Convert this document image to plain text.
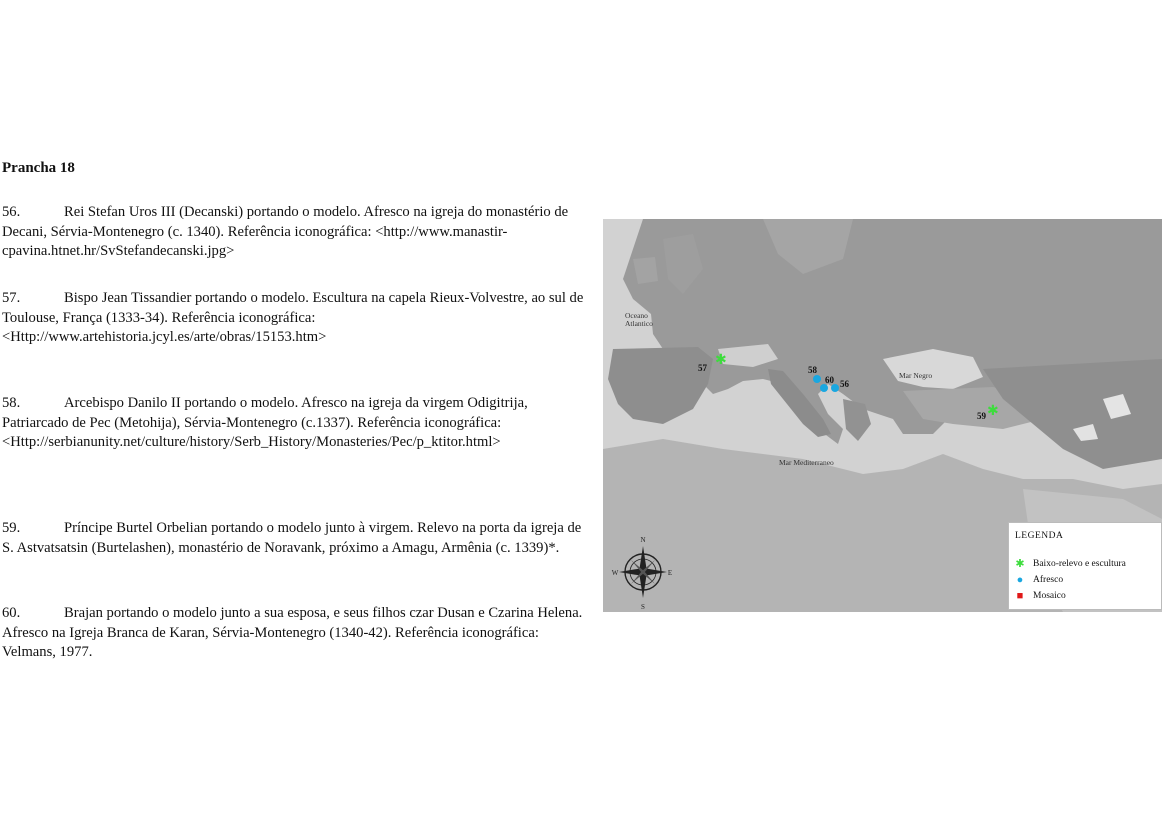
Prancha 18
56.	Rei Stefan Uros III (Decanski) portando o modelo. Afresco na igreja do monastério de Decani, Sérvia-Montenegro (c. 1340). Referência iconográfica: <http://www.manastir-cpavina.htnet.hr/SvStefandecanski.jpg>
57.	Bispo Jean Tissandier portando o modelo. Escultura na capela Rieux-Volvestre, ao sul de Toulouse, França (1333-34). Referência iconográfica: <Http://www.artehistoria.jcyl.es/arte/obras/15153.htm>
58.	Arcebispo Danilo II portando o modelo. Afresco na igreja da virgem Odigitrija, Patriarcado de Pec (Metohija), Sérvia-Montenegro (c.1337). Referência iconográfica: <Http://serbianunity.net/culture/history/Serb_History/Monasteries/Pec/p_ktitor.html>
59.	Príncipe Burtel Orbelian portando o modelo junto à virgem. Relevo na porta da igreja de S. Astvatsatsin (Burtelashen), monastério de Noravank, próximo a Amagu, Armênia (c. 1339)*.
60.	Brajan portando o modelo junto a sua esposa, e seus filhos czar Dusan e Czarina Helena. Afresco na Igreja Branca de Karan, Sérvia-Montenegro (1340-42). Referência iconográfica: Velmans, 1977.
✱
✱
Oceano
Atlantico
Mar Negro
Mar Mediterraneo
57	58
60 56
59
N
S
E
W
LEGENDA
✱ Baixo-relevo e escultura
● Afresco
■ Mosaico
